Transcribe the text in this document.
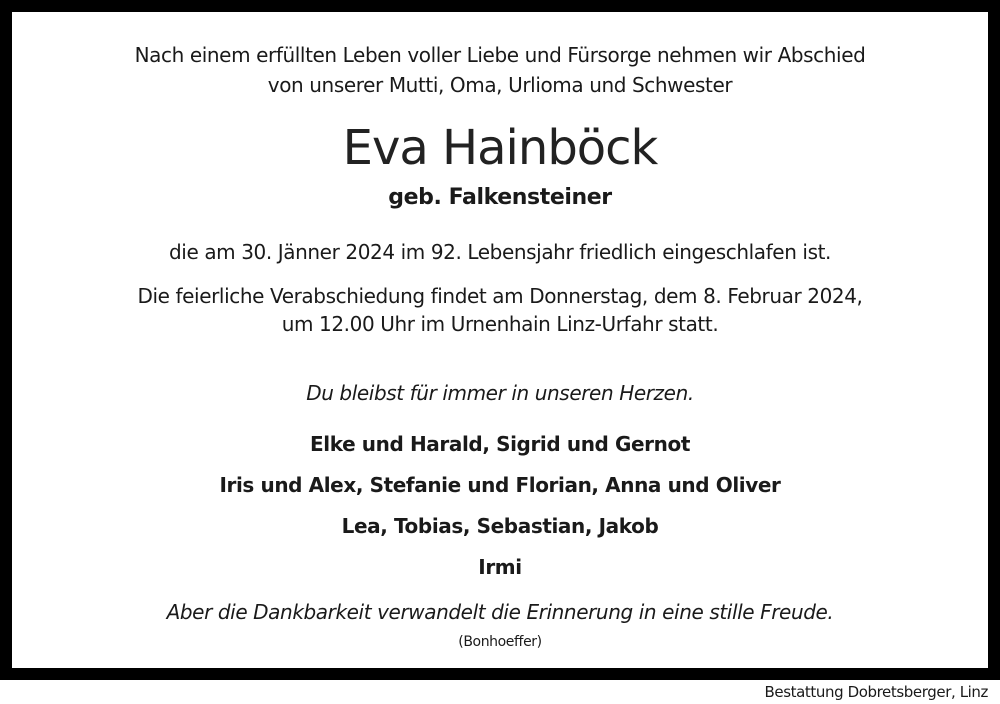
Nach einem erfüllten Leben voller Liebe und Fürsorge nehmen wir Abschied
von unserer Mutti, Oma, Urlioma und Schwester
Eva Hainböck
geb. Falkensteiner
die am 30. Jänner 2024 im 92. Lebensjahr friedlich eingeschlafen ist.
Die feierliche Verabschiedung findet am Donnerstag, dem 8. Februar 2024,
um 12.00 Uhr im Urnenhain Linz-Urfahr statt.
Du bleibst für immer in unseren Herzen.
Elke und Harald, Sigrid und Gernot
Iris und Alex, Stefanie und Florian, Anna und Oliver
Lea, Tobias, Sebastian, Jakob
Irmi
Aber die Dankbarkeit verwandelt die Erinnerung in eine stille Freude.
(Bonhoeffer)
Bestattung Dobretsberger, Linz
